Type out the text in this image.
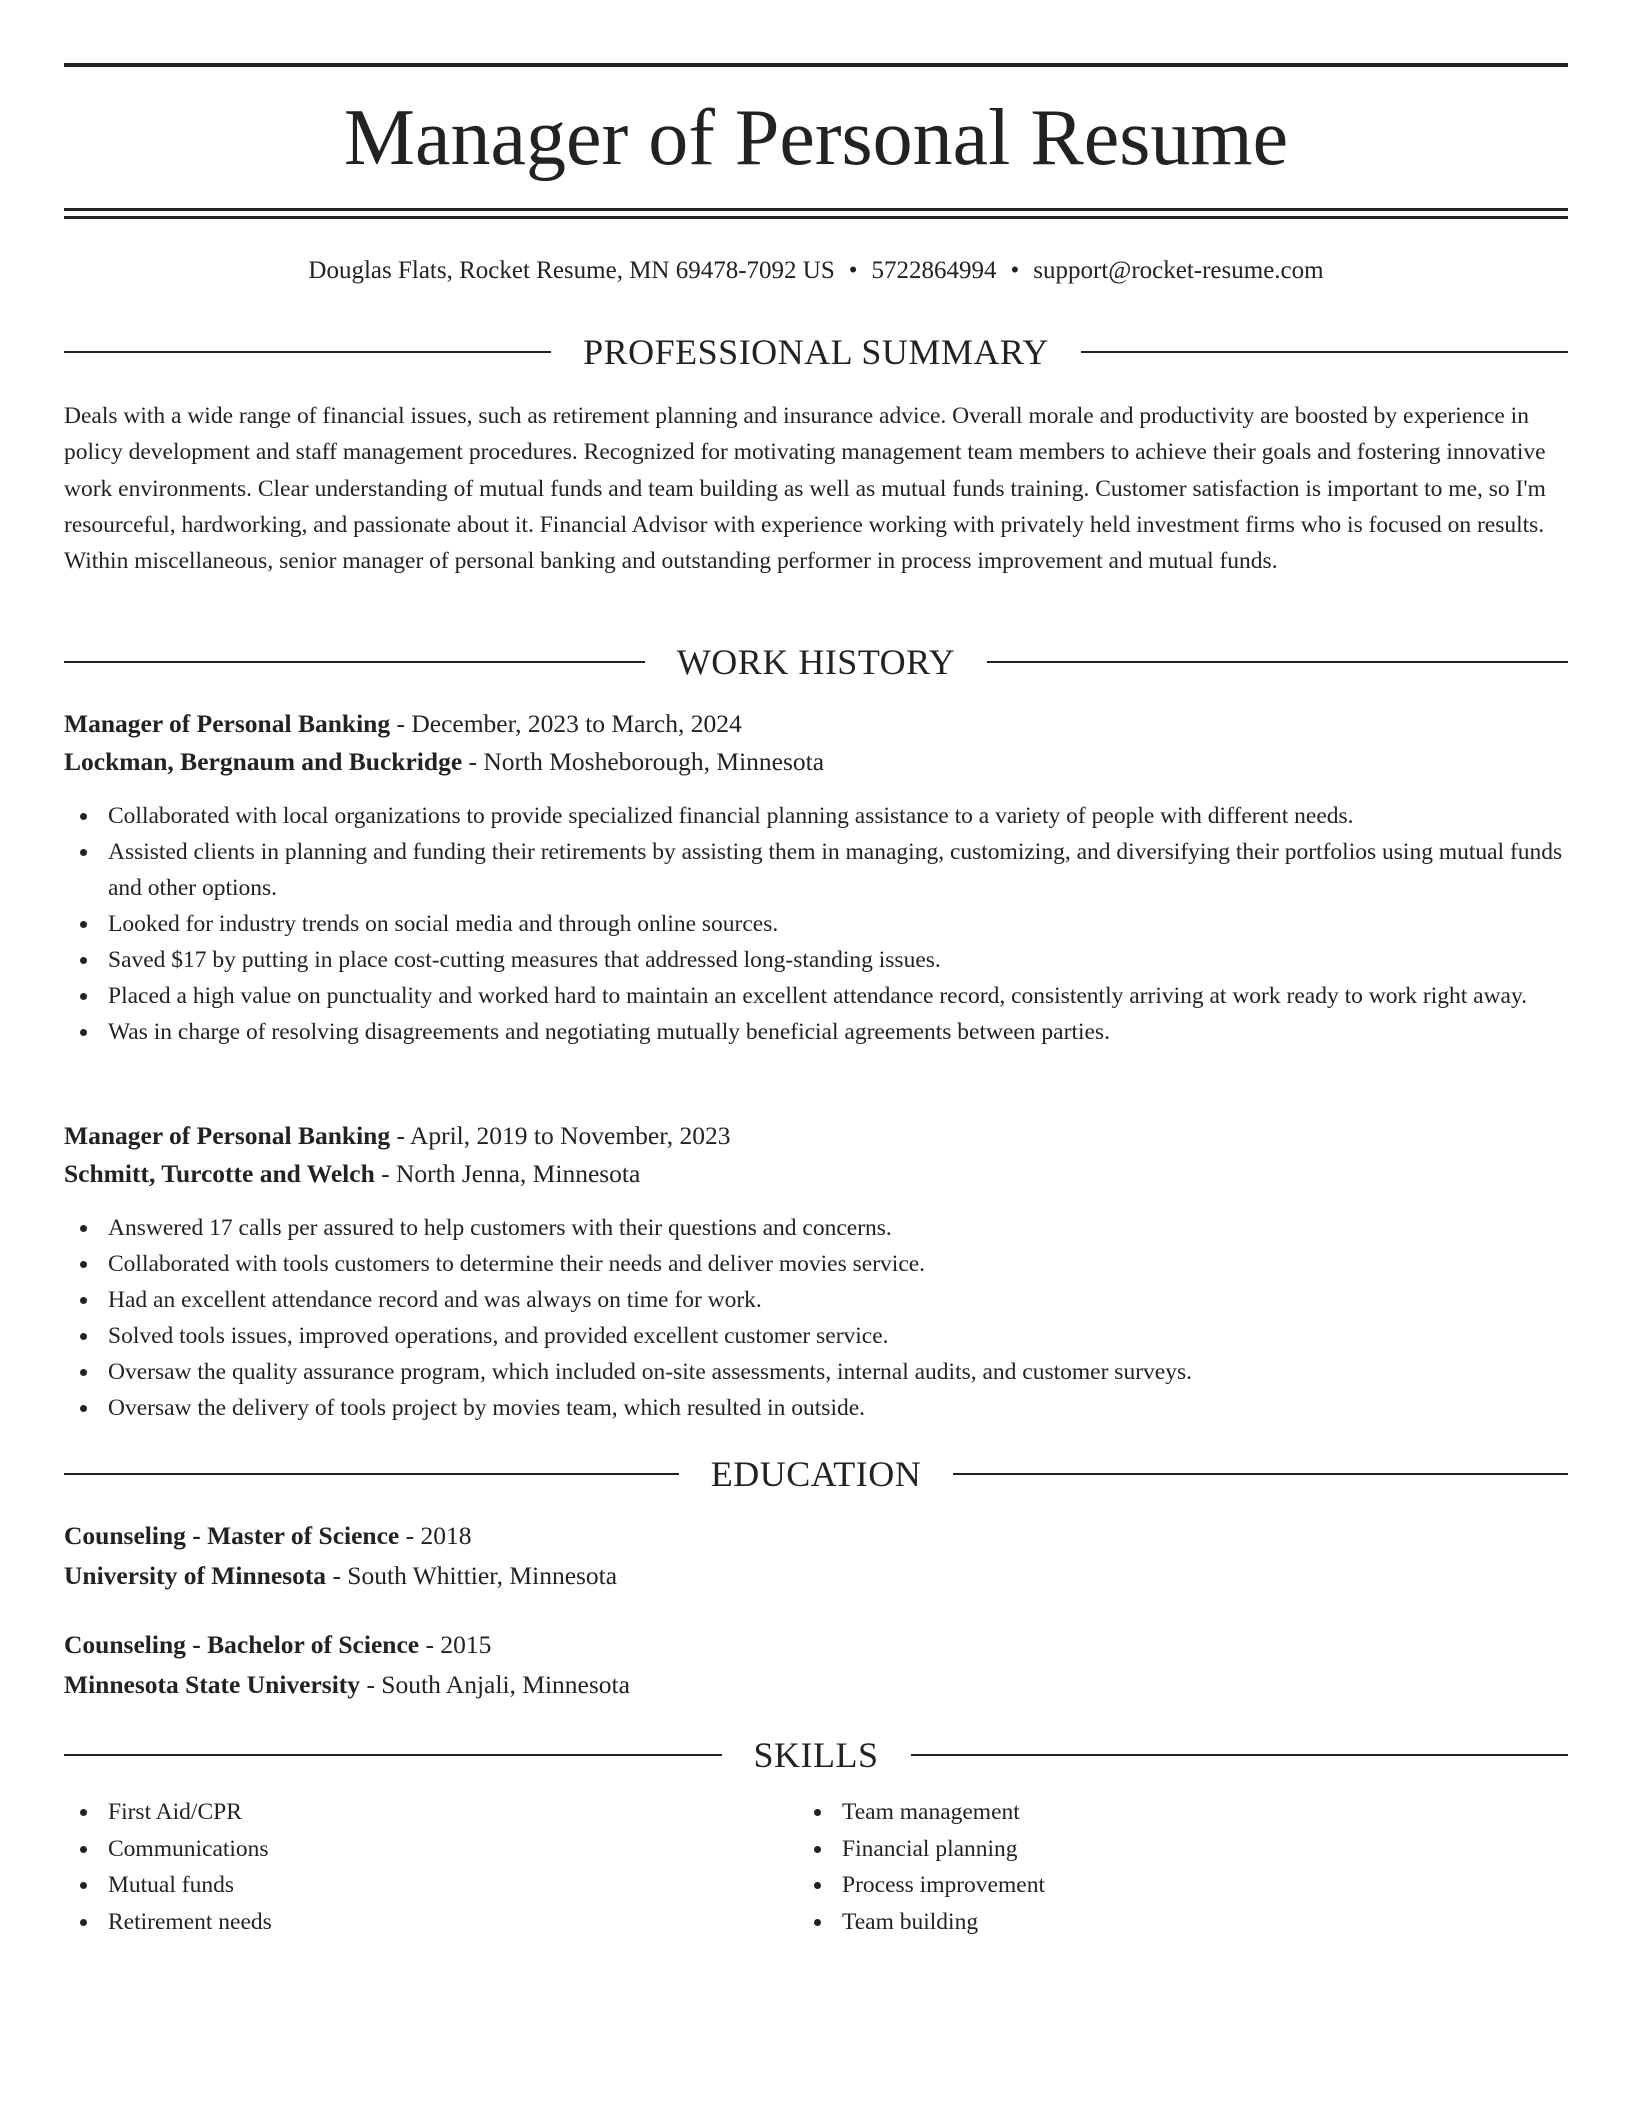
Manager of Personal Resume
Douglas Flats, Rocket Resume, MN 69478-7092 US • 5722864994 • support@rocket-resume.com
PROFESSIONAL SUMMARY

Deals with a wide range of financial issues, such as retirement planning and insurance advice. Overall morale and productivity are boosted by experience in policy development and staff management procedures. Recognized for motivating management team members to achieve their goals and fostering innovative work environments. Clear understanding of mutual funds and team building as well as mutual funds training. Customer satisfaction is important to me, so I'm resourceful, hardworking, and passionate about it. Financial Advisor with experience working with privately held investment firms who is focused on results. Within miscellaneous, senior manager of personal banking and outstanding performer in process improvement and mutual funds.

WORK HISTORY
Manager of Personal Banking - December, 2023 to March, 2024
Lockman, Bergnaum and Buckridge - North Mosheborough, Minnesota
Collaborated with local organizations to provide specialized financial planning assistance to a variety of people with different needs.
Assisted clients in planning and funding their retirements by assisting them in managing, customizing, and diversifying their portfolios using mutual funds and other options.
Looked for industry trends on social media and through online sources.
Saved $17 by putting in place cost-cutting measures that addressed long-standing issues.
Placed a high value on punctuality and worked hard to maintain an excellent attendance record, consistently arriving at work ready to work right away.
Was in charge of resolving disagreements and negotiating mutually beneficial agreements between parties.
Manager of Personal Banking - April, 2019 to November, 2023
Schmitt, Turcotte and Welch - North Jenna, Minnesota
Answered 17 calls per assured to help customers with their questions and concerns.
Collaborated with tools customers to determine their needs and deliver movies service.
Had an excellent attendance record and was always on time for work.
Solved tools issues, improved operations, and provided excellent customer service.
Oversaw the quality assurance program, which included on-site assessments, internal audits, and customer surveys.
Oversaw the delivery of tools project by movies team, which resulted in outside.
EDUCATION
Counseling - Master of Science - 2018
University of Minnesota - South Whittier, Minnesota
Counseling - Bachelor of Science - 2015
Minnesota State University - South Anjali, Minnesota
SKILLS
First Aid/CPR
Communications
Mutual funds
Retirement needs
Team management
Financial planning
Process improvement
Team building
